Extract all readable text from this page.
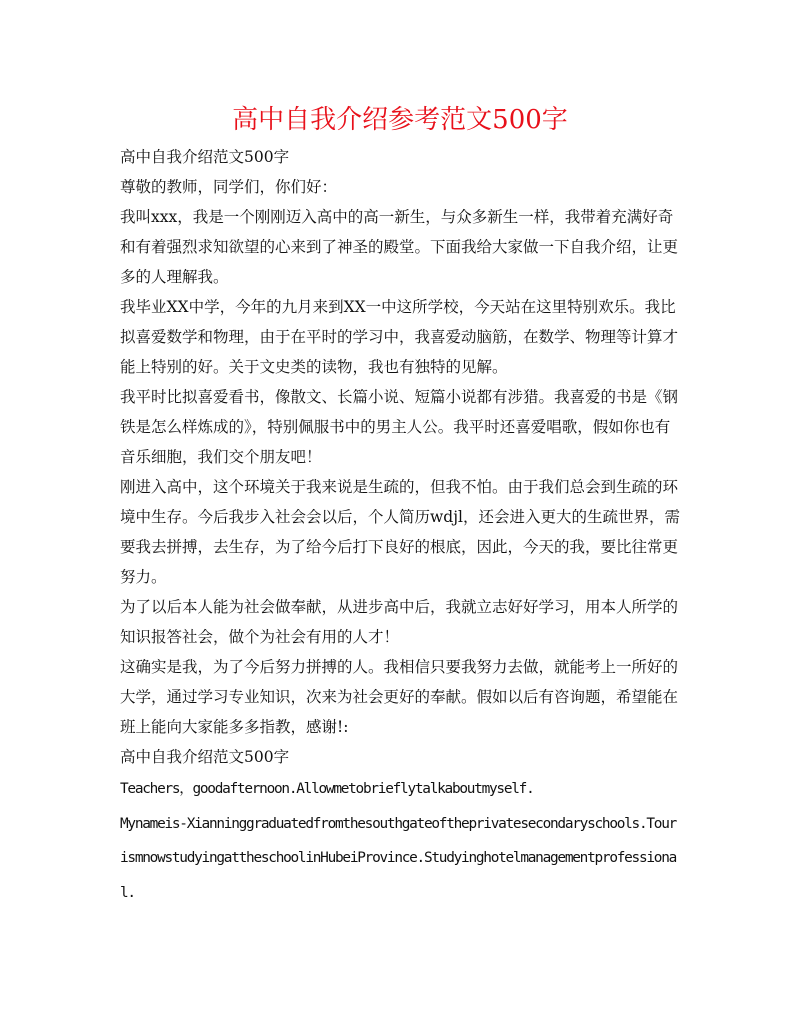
高中自我介绍参考范文500字

高中自我介绍范文500字

尊敬的教师，同学们，你们好：

我叫xxx，我是一个刚刚迈入高中的高一新生，与众多新生一样，我带着充满好奇和有着强烈求知欲望的心来到了神圣的殿堂。下面我给大家做一下自我介绍，让更多的人理解我。

我毕业XX中学，今年的九月来到XX一中这所学校，今天站在这里特别欢乐。我比拟喜爱数学和物理，由于在平时的学习中，我喜爱动脑筋，在数学、物理等计算才能上特别的好。关于文史类的读物，我也有独特的见解。

我平时比拟喜爱看书，像散文、长篇小说、短篇小说都有涉猎。我喜爱的书是《钢铁是怎么样炼成的》，特别佩服书中的男主人公。我平时还喜爱唱歌，假如你也有音乐细胞，我们交个朋友吧！

刚进入高中，这个环境关于我来说是生疏的，但我不怕。由于我们总会到生疏的环境中生存。今后我步入社会会以后，个人简历wdjl，还会进入更大的生疏世界，需要我去拼搏，去生存，为了给今后打下良好的根底，因此，今天的我，要比往常更努力。

为了以后本人能为社会做奉献，从进步高中后，我就立志好好学习，用本人所学的知识报答社会，做个为社会有用的人才！

这确实是我，为了今后努力拼搏的人。我相信只要我努力去做，就能考上一所好的大学，通过学习专业知识，次来为社会更好的奉献。假如以后有咨询题，希望能在班上能向大家能多多指教，感谢!:

高中自我介绍范文500字

Teachers，goodafternoon.Allowmetobrieflytalkaboutmyself.

Mynameis-Xianninggraduatedfromthesouthgateoftheprivatesecondaryschools.TourismnowstudyingattheschoolinHubeiProvince.Studyinghotelmanagementprofessional.
